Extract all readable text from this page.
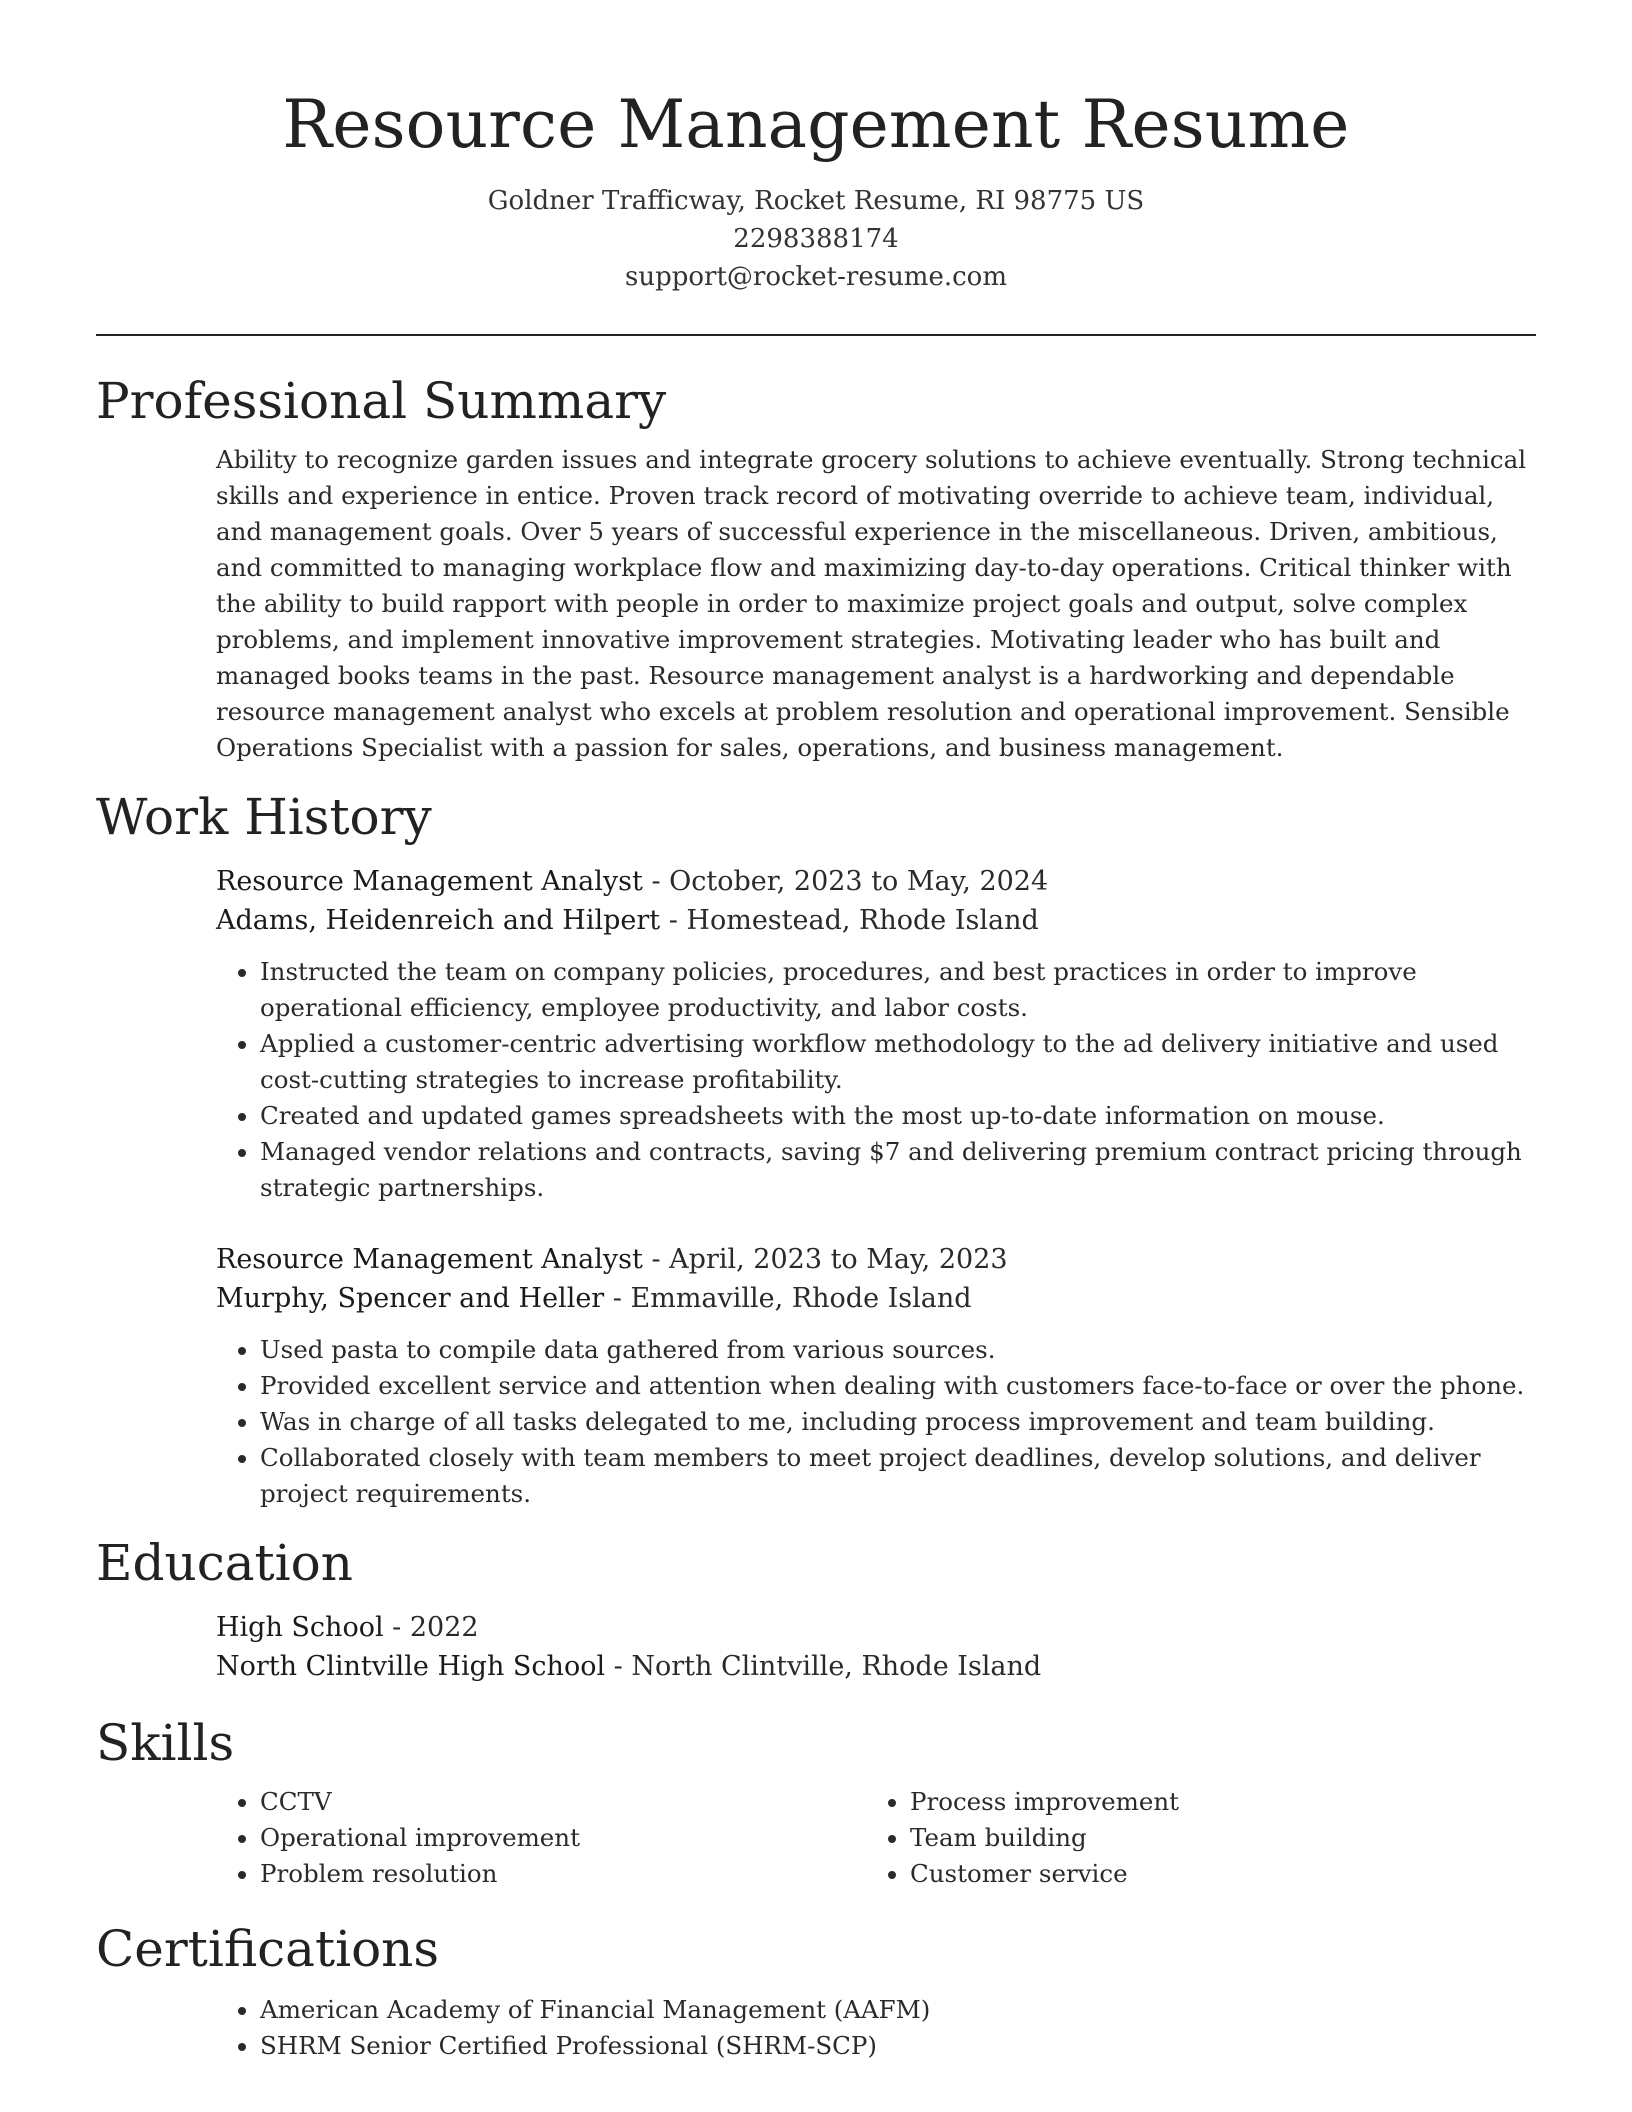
Resource Management Resume

Goldner Trafficway, Rocket Resume, RI 98775 US

2298388174

support@rocket-resume.com

Professional Summary

Ability to recognize garden issues and integrate grocery solutions to achieve eventually. Strong technical skills and experience in entice. Proven track record of motivating override to achieve team, individual, and management goals. Over 5 years of successful experience in the miscellaneous. Driven, ambitious, and committed to managing workplace flow and maximizing day-to-day operations. Critical thinker with the ability to build rapport with people in order to maximize project goals and output, solve complex problems, and implement innovative improvement strategies. Motivating leader who has built and managed books teams in the past. Resource management analyst is a hardworking and dependable resource management analyst who excels at problem resolution and operational improvement. Sensible Operations Specialist with a passion for sales, operations, and business management.

Work History

Resource Management Analyst - October, 2023 to May, 2024

Adams, Heidenreich and Hilpert - Homestead, Rhode Island

• Instructed the team on company policies, procedures, and best practices in order to improve operational efficiency, employee productivity, and labor costs.
• Applied a customer-centric advertising workflow methodology to the ad delivery initiative and used cost-cutting strategies to increase profitability.
• Created and updated games spreadsheets with the most up-to-date information on mouse.
• Managed vendor relations and contracts, saving $7 and delivering premium contract pricing through strategic partnerships.

Resource Management Analyst - April, 2023 to May, 2023

Murphy, Spencer and Heller - Emmaville, Rhode Island

• Used pasta to compile data gathered from various sources.
• Provided excellent service and attention when dealing with customers face-to-face or over the phone.
• Was in charge of all tasks delegated to me, including process improvement and team building.
• Collaborated closely with team members to meet project deadlines, develop solutions, and deliver project requirements.
Education

High School - 2022

North Clintville High School - North Clintville, Rhode Island

Skills
• CCTV
• Operational improvement
• Problem resolution
• Process improvement
• Team building
• Customer service
Certifications
• American Academy of Financial Management (AAFM)
• SHRM Senior Certified Professional (SHRM-SCP)
